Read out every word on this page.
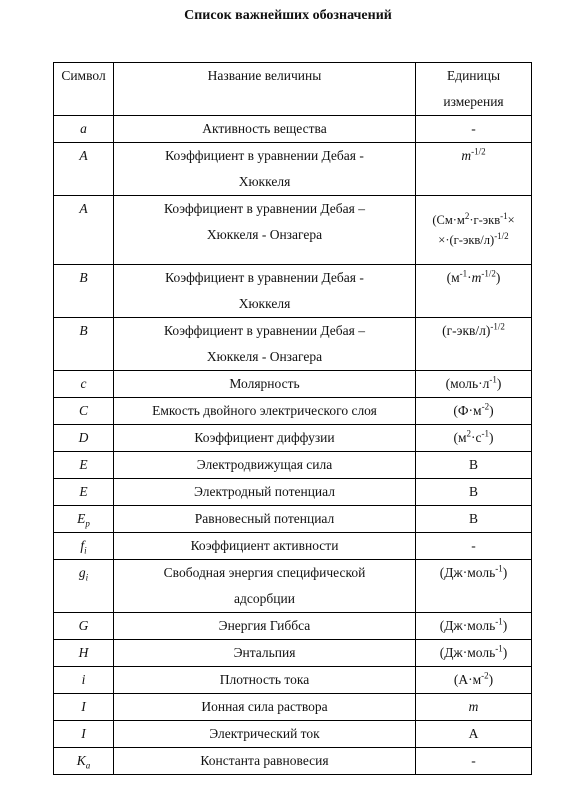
Список важнейших обозначений
Символ	Название величины	Единицы измерения
a	Активность вещества	-
A	Коэффициент в уравнении Дебая - Хюккеля	$m^{-1/2}$
A	Коэффициент в уравнении Дебая – Хюккеля - Онзагера	($См\cdot м^2\cdot г-экв^{-1}\times$
$\times\cdot(г-экв/л)^{-1/2}$
B	Коэффициент в уравнении Дебая - Хюккеля	$(м^{-1}\cdot m^{-1/2})$
B	Коэффициент в уравнении Дебая – Хюккеля - Онзагера	$(г-экв/л)^{-1/2}$
c	Молярность	$(моль\cdot л^{-1})$
C	Емкость двойного электрического слоя	$(Ф\cdot м^{-2})$
D	Коэффициент диффузии	$(м^2\cdot с^{-1})$
E	Электродвижущая сила	В
E	Электродный потенциал	В
$E_p$	Равновесный потенциал	В
$f_i$	Коэффициент активности	-
$g_i$	Свободная энергия специфической адсорбции	(Дж·моль$^{-1}$)
G	Энергия Гиббса	(Дж·моль$^{-1}$)
H	Энтальпия	(Дж·моль$^{-1}$)
i	Плотность тока	$(А\cdot м^{-2})$
I	Ионная сила раствора	m
I	Электрический ток	А
$K_a$	Константа равновесия	-
